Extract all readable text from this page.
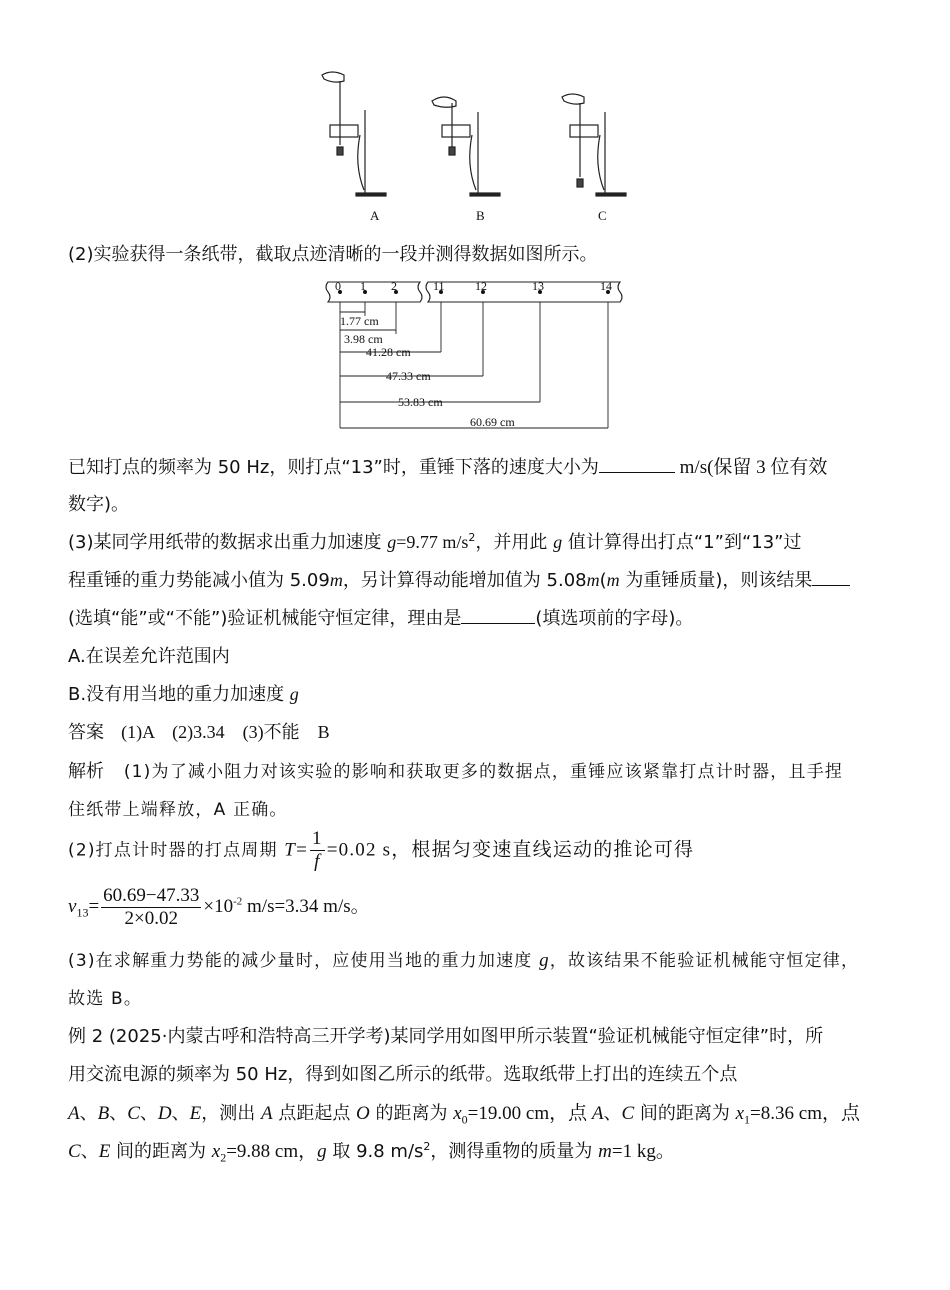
A	B	C
(2)实验获得一条纸带，截取点迹清晰的一段并测得数据如图所示。
0 1 2	11	12	13	14
1.77 cm
3.98 cm
41.28 cm
47.33 cm
53.83 cm
60.69 cm
已知打点的频率为 50 Hz，则打点“13”时，重锤下落的速度大小为	m/s(保留 3 位有效
数字)。
(3)某同学用纸带的数据求出重力加速度 g=9.77 $m/s^2$，并用此 g 值计算得出打点“1”到“13”过
程重锤的重力势能减小值为 5.09m，另计算得动能增加值为 5.08m(m 为重锤质量)，则该结果
(选填“能”或“不能”)验证机械能守恒定律，理由是	(填选项前的字母)。
A.在误差允许范围内
B.没有用当地的重力加速度 g
答案 (1)A　(2)3.34　(3)不能　B
解析 (1)为了减小阻力对该实验的影响和获取更多的数据点，重锤应该紧靠打点计时器，且手捏
住纸带上端释放，A 正确。
(2)打点计时器的打点周期 $T= \frac{1}{f} =0.02$ s，根据匀变速直线运动的推论可得
$v_{13}= \frac{60.69-47.33}{2\times 0.02} \times 10^{-2}$ m/s=3.34 m/s。
(3)在求解重力势能的减少量时，应使用当地的重力加速度 g，故该结果不能验证机械能守恒定律，
故选 B。
例 2 (2025·内蒙古呼和浩特高三开学考)某同学用如图甲所示装置“验证机械能守恒定律”时，所
用交流电源的频率为 50 Hz，得到如图乙所示的纸带。选取纸带上打出的连续五个点
A、B、C、D、E，测出 A 点距起点 O 的距离为 $x_0=19.00$ cm，点 A、C 间的距离为 $x_1=8.36$ cm，点
C、E 间的距离为 $x_2=9.88$ cm，g 取 9.8 $m/s^2$，测得重物的质量为 m=1 kg。
